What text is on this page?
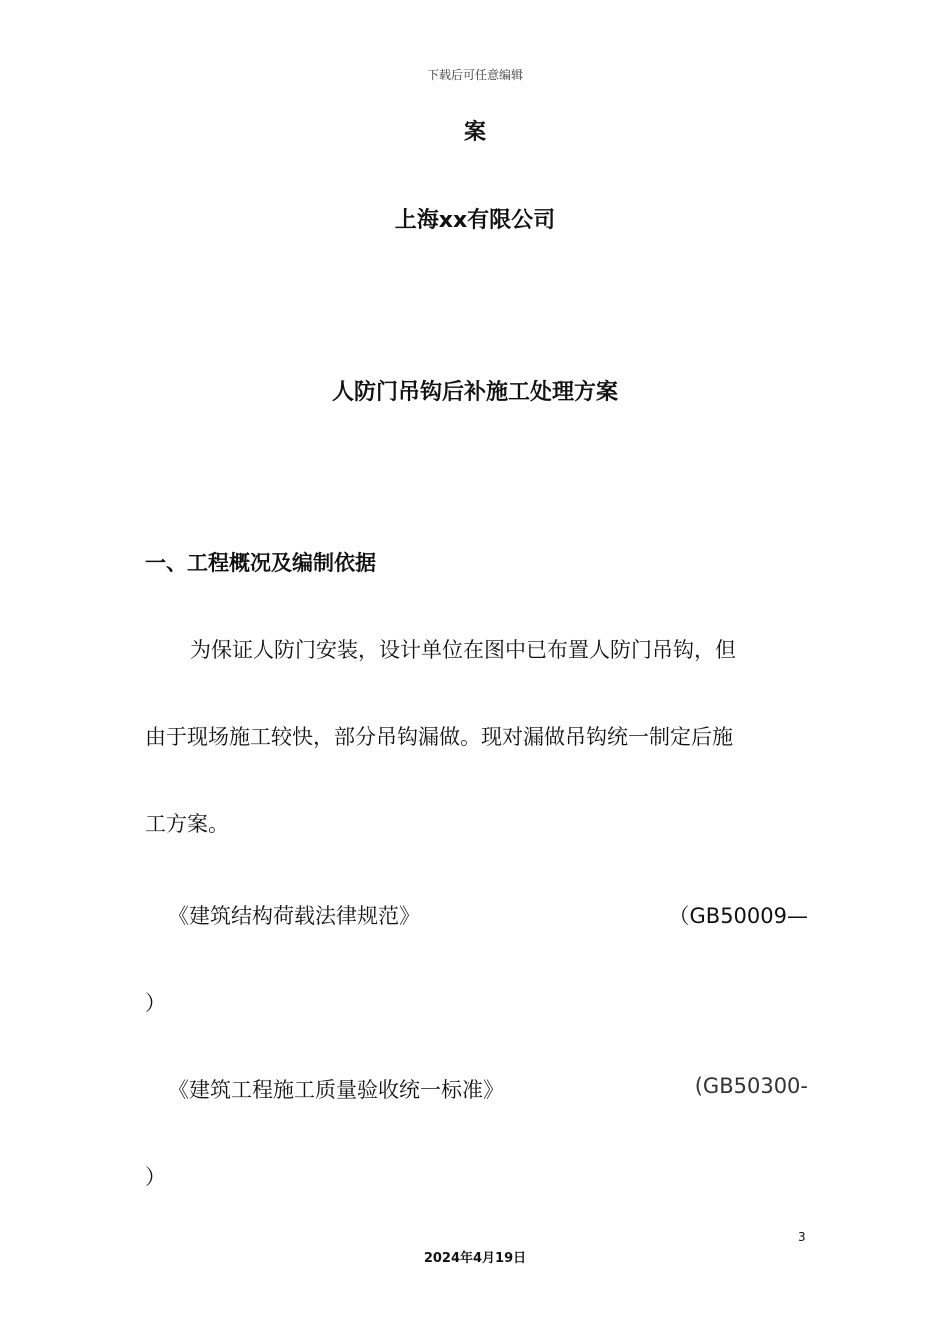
下载后可任意编辑
案
上海xx有限公司
人防门吊钩后补施工处理方案
一、工程概况及编制依据
为保证人防门安装，设计单位在图中已布置人防门吊钩，但
由于现场施工较快，部分吊钩漏做。现对漏做吊钩统一制定后施
工方案。
《建筑结构荷载法律规范》	（GB50009—
）
《建筑工程施工质量验收统一标准》	(GB50300-
）
3
2024年4月19日
